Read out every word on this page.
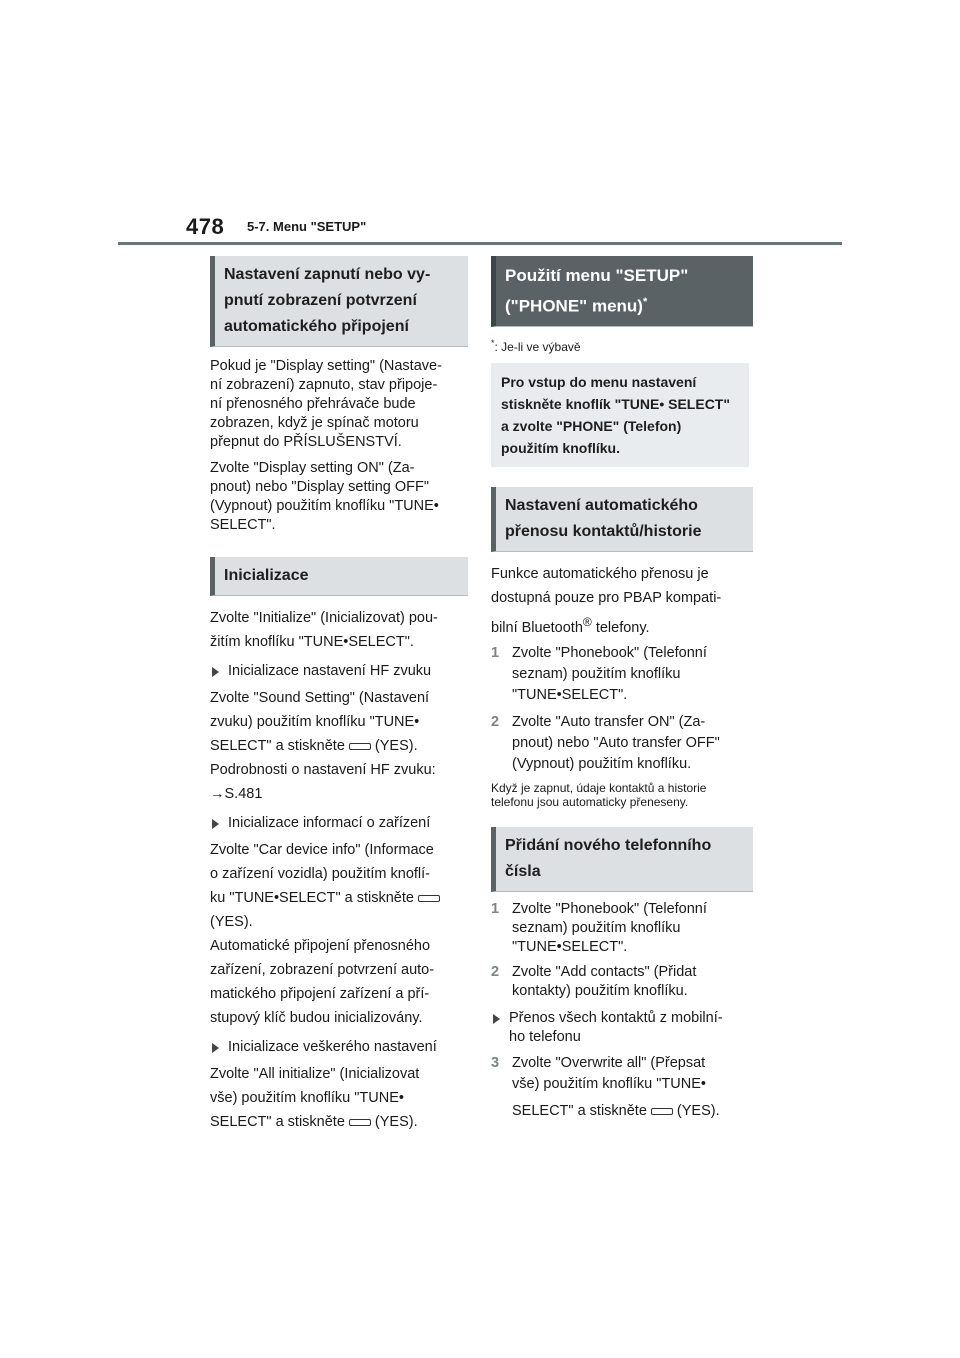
478 5-7. Menu "SETUP"
Nastavení zapnutí nebo vy-pnutí zobrazení potvrzení automatického připojení

Pokud je "Display setting" (Nastave-
ní zobrazení) zapnuto, stav připoje-
ní přenosného přehrávače bude
zobrazen, když je spínač motoru
přepnut do PŘÍSLUŠENSTVÍ.

Zvolte "Display setting ON" (Za-
pnout) nebo "Display setting OFF"
(Vypnout) použitím knoflíku "TUNE•
SELECT".

Inicializace

Zvolte "Initialize" (Inicializovat) pou-
žitím knoflíku "TUNE•SELECT".

Inicializace nastavení HF zvuku

Zvolte "Sound Setting" (Nastavení
zvuku) použitím knoflíku "TUNE•
SELECT" a stiskněte (YES).

Podrobnosti o nastavení HF zvuku:
→S.481

Inicializace informací o zařízení

Zvolte "Car device info" (Informace
o zařízení vozidla) použitím knoflí-
ku "TUNE•SELECT" a stiskněte
(YES).

Automatické připojení přenosného
zařízení, zobrazení potvrzení auto-
matického připojení zařízení a pří-
stupový klíč budou inicializovány.

Inicializace veškerého nastavení

Zvolte "All initialize" (Inicializovat
vše) použitím knoflíku "TUNE•
SELECT" a stiskněte (YES).

Použití menu "SETUP" ("PHONE" menu)*

*: Je-li ve výbavě

Pro vstup do menu nastavení stiskněte knoflík "TUNE• SELECT" a zvolte "PHONE" (Telefon) použitím knoflíku.
Nastavení automatického přenosu kontaktů/historie

Funkce automatického přenosu je
dostupná pouze pro PBAP kompati-
bilní Bluetooth® telefony.

1 Zvolte "Phonebook" (Telefonní
seznam) použitím knoflíku
"TUNE•SELECT".
2 Zvolte "Auto transfer ON" (Za-
pnout) nebo "Auto transfer OFF"
(Vypnout) použitím knoflíku.

Když je zapnut, údaje kontaktů a historie
telefonu jsou automaticky přeneseny.

Přidání nového telefonního čísla
1 Zvolte "Phonebook" (Telefonní
seznam) použitím knoflíku
"TUNE•SELECT".
2 Zvolte "Add contacts" (Přidat
kontakty) použitím knoflíku.
Přenos všech kontaktů z mobilní-
ho telefonu
3 Zvolte "Overwrite all" (Přepsat
vše) použitím knoflíku "TUNE•
SELECT" a stiskněte (YES).
